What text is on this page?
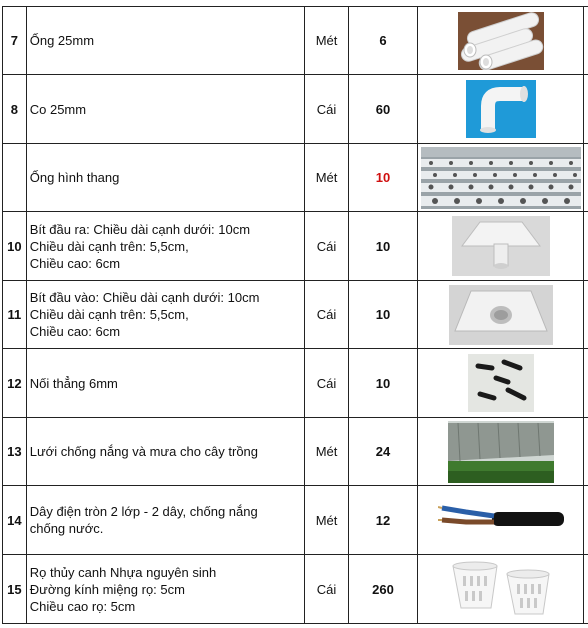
7	Ống 25mm	Mét	6	

8	Co 25mm	Cái	60	

	Ống hình thang	Mét	10	

10	Bít đầu ra: Chiều dài cạnh dưới: 10cm
Chiều dài cạnh trên: 5,5cm,
Chiều cao: 6cm	Cái	10	

11	Bít đầu vào: Chiều dài cạnh dưới: 10cm
Chiều dài cạnh trên: 5,5cm,
Chiều cao: 6cm	Cái	10	

12	Nối thẳng 6mm	Cái	10	

13	Lưới chống nắng và mưa cho cây trồng	Mét	24	

14	Dây điện tròn 2 lớp - 2 dây, chống nắng
chống nước.	Mét	12	

15	Rọ thủy canh Nhựa nguyên sinh
Đường kính miệng rọ: 5cm
Chiều cao rọ: 5cm	Cái	260	
